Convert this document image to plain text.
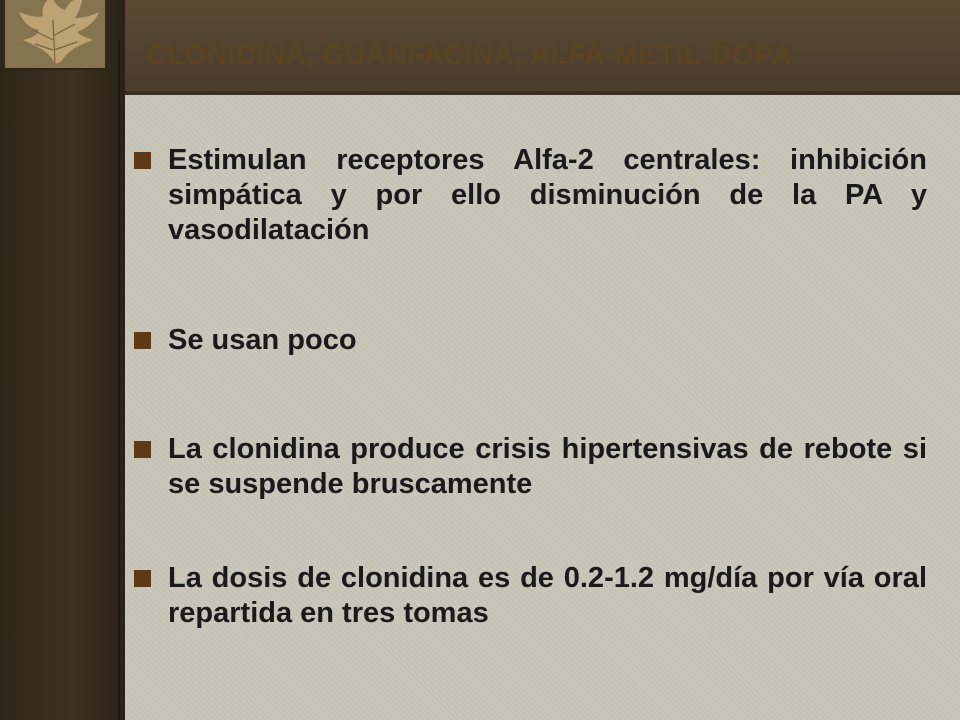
CLONIDINA, GUANFACINA, ALFA-METIL-DOPA
Estimulan receptores Alfa-2 centrales: inhibición simpática y por ello disminución de la PA y vasodilatación
Se usan poco
La clonidina produce crisis hipertensivas de rebote si se suspende bruscamente
La dosis de clonidina es de 0.2-1.2 mg/día por vía oral repartida en tres tomas
